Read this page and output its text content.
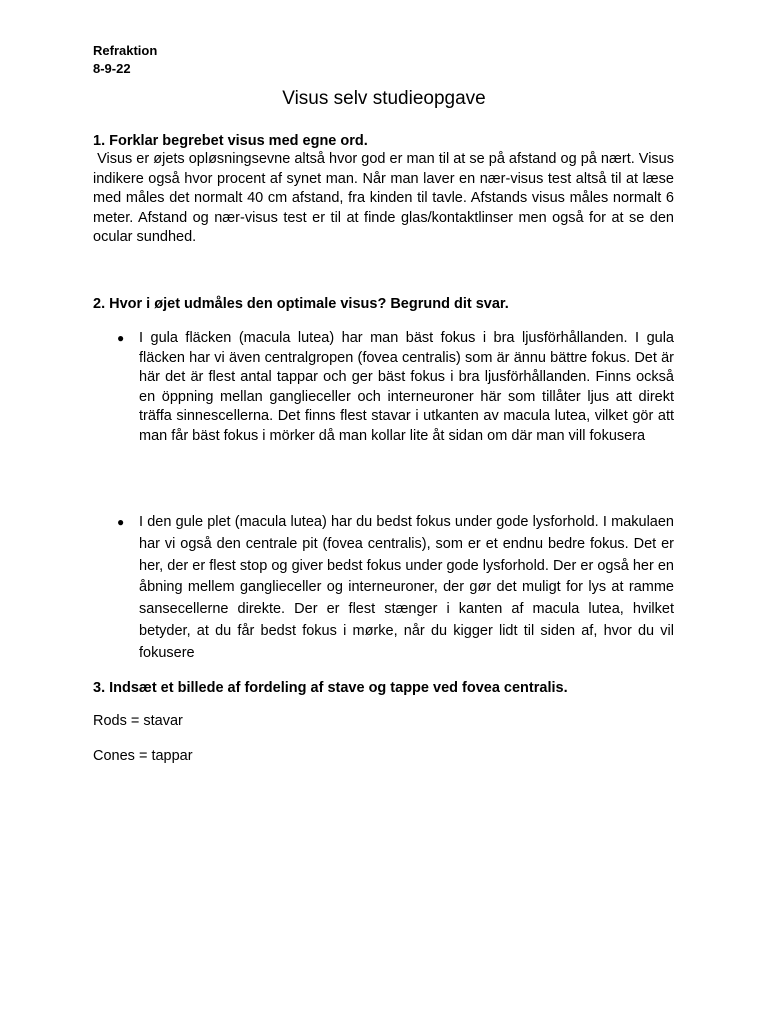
Refraktion
8-9-22
Visus selv studieopgave

1. Forklar begrebet visus med egne ord.

Visus er øjets opløsningsevne altså hvor god er man til at se på afstand og på nært. Visus indikere også hvor procent af synet man. Når man laver en nær-visus test altså til at læse med måles det normalt 40 cm afstand, fra kinden til tavle. Afstands visus måles normalt 6 meter. Afstand og nær-visus test er til at finde glas/kontaktlinser men også for at se den ocular sundhed.

2. Hvor i øjet udmåles den optimale visus? Begrund dit svar.

● I gula fläcken (macula lutea) har man bäst fokus i bra ljusförhållanden. I gula fläcken har vi även centralgropen (fovea centralis) som är ännu bättre fokus. Det är här det är flest antal tappar och ger bäst fokus i bra ljusförhållanden. Finns också en öppning mellan ganglieceller och interneuroner här som tillåter ljus att direkt träffa sinnescellerna. Det finns flest stavar i utkanten av macula lutea, vilket gör att man får bäst fokus i mörker då man kollar lite åt sidan om där man vill fokusera
● I den gule plet (macula lutea) har du bedst fokus under gode lysforhold. I makulaen har vi også den centrale pit (fovea centralis), som er et endnu bedre fokus. Det er her, der er flest stop og giver bedst fokus under gode lysforhold. Der er også her en åbning mellem ganglieceller og interneuroner, der gør det muligt for lys at ramme sansecellerne direkte. Der er flest stænger i kanten af macula lutea, hvilket betyder, at du får bedst fokus i mørke, når du kigger lidt til siden af, hvor du vil fokusere

3. Indsæt et billede af fordeling af stave og tappe ved fovea centralis.

Rods = stavar

Cones = tappar
